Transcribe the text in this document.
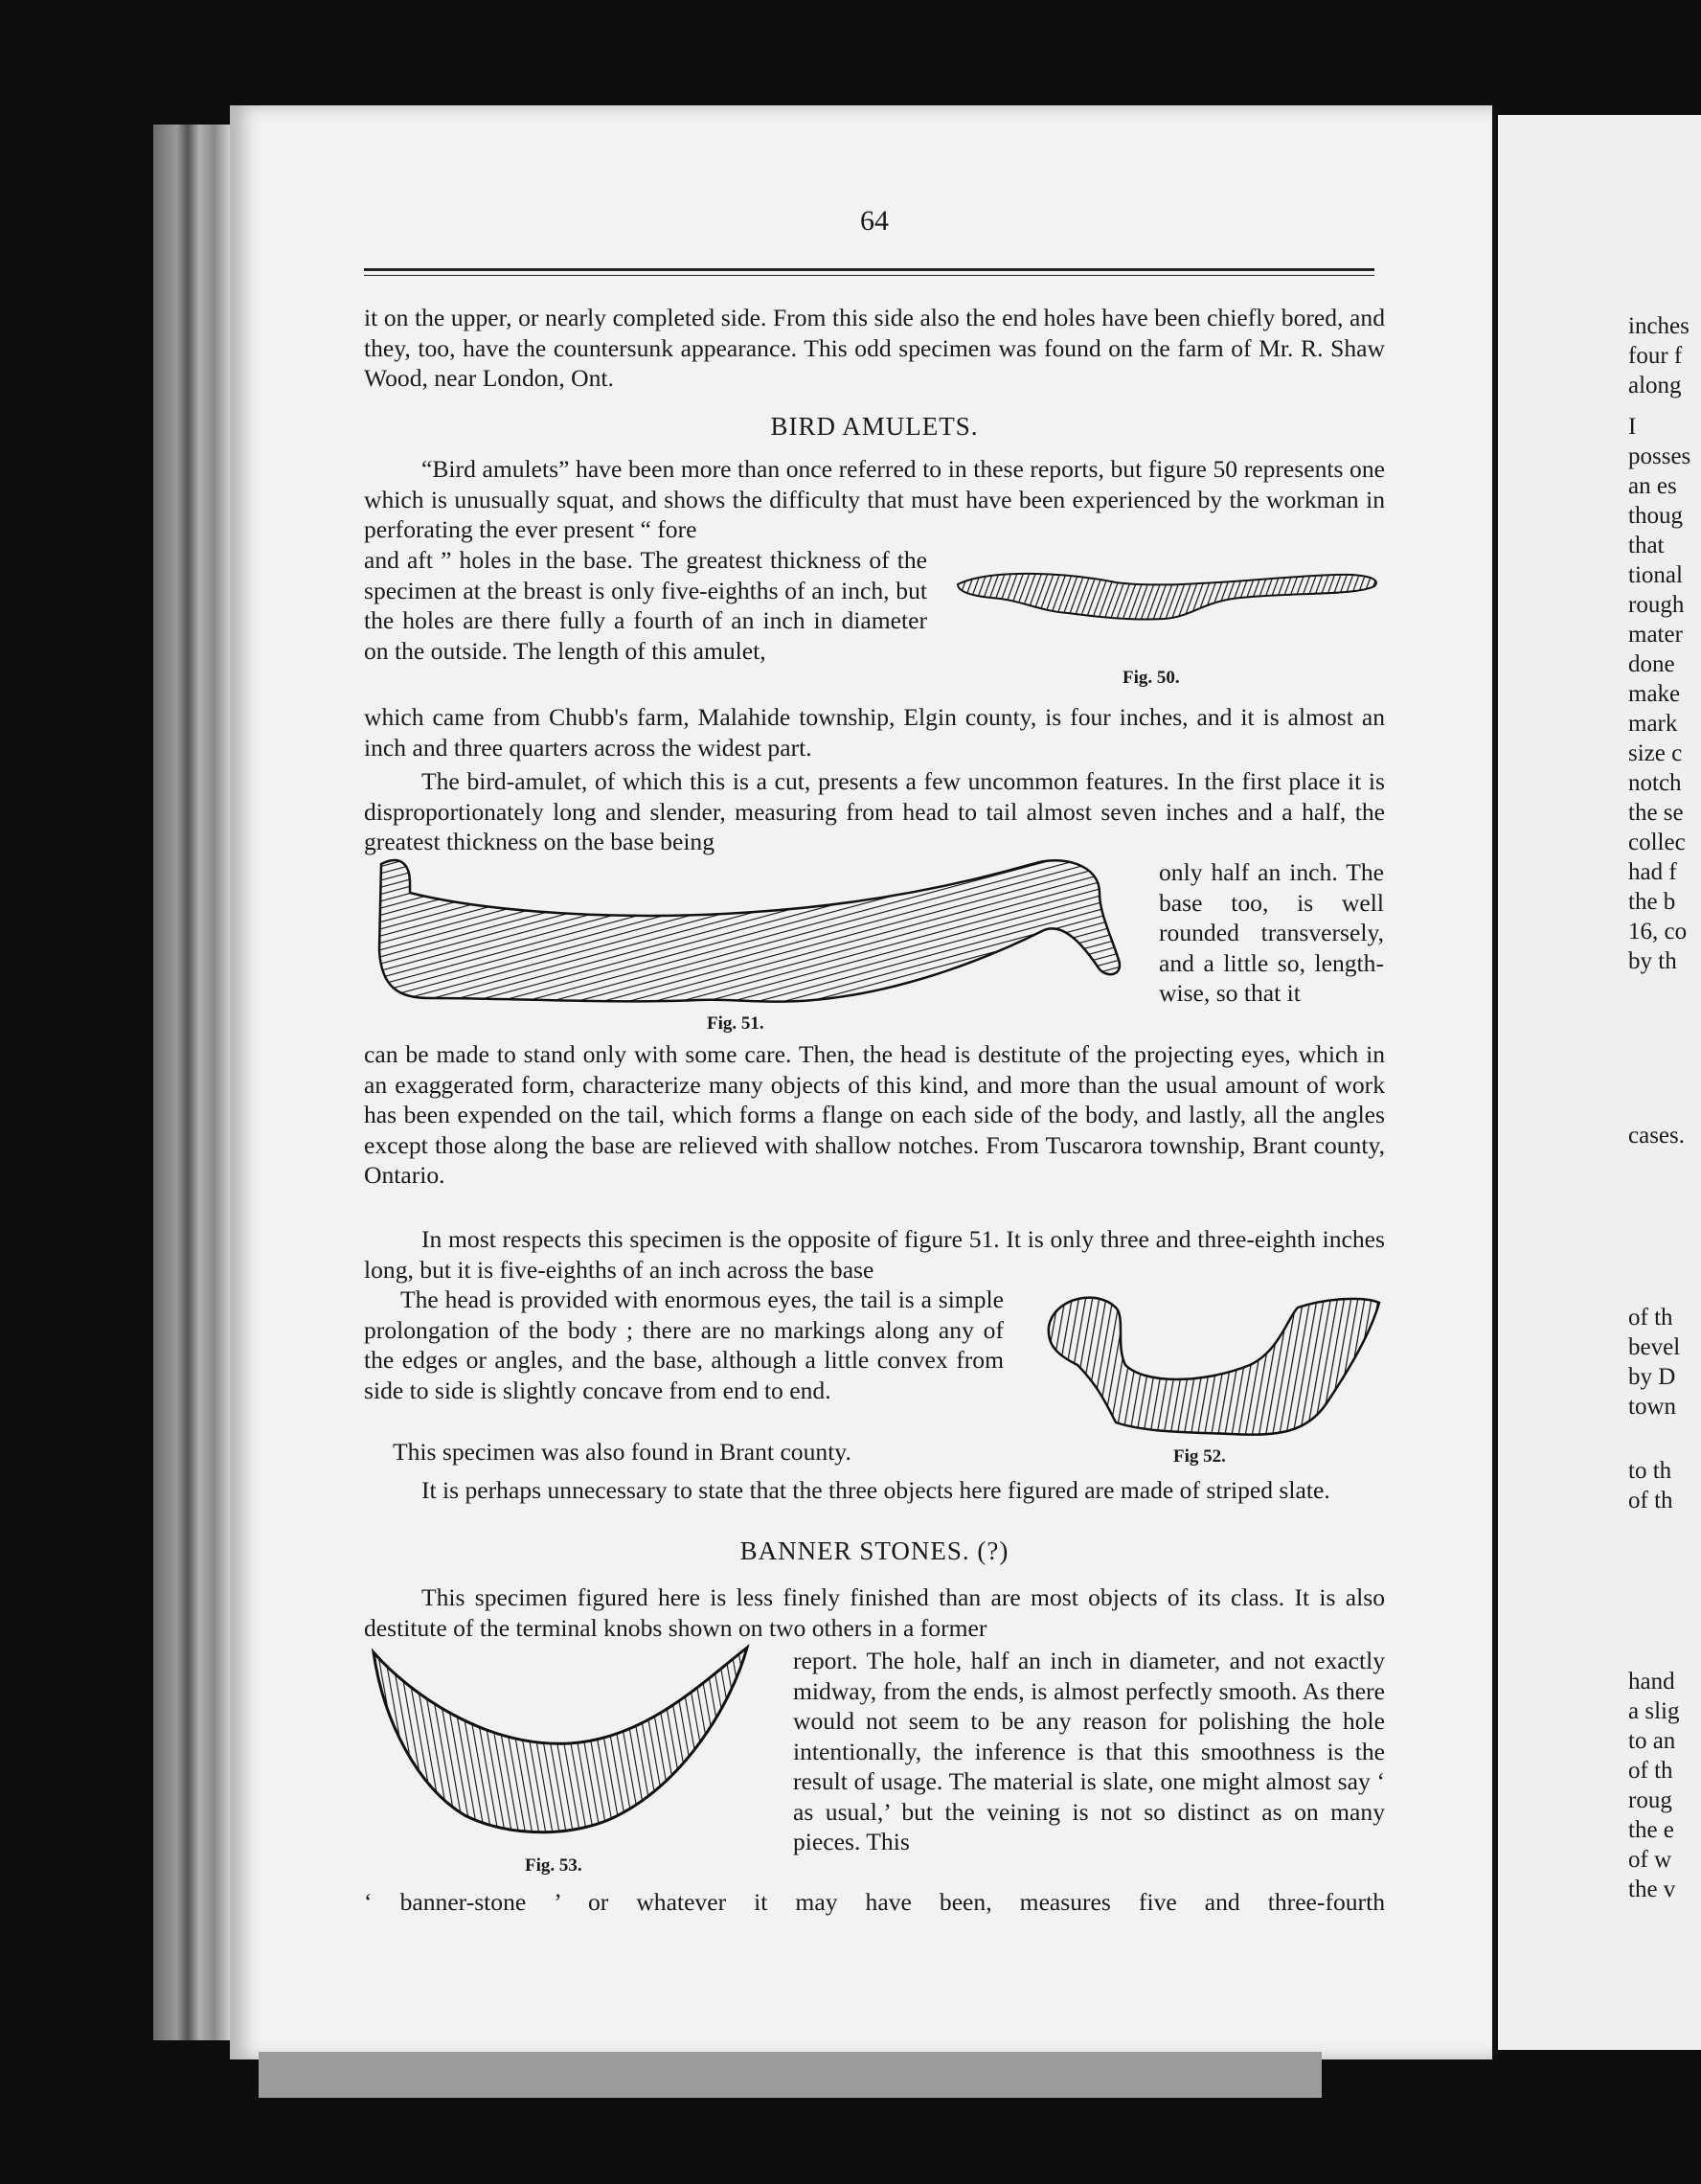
64

it on the upper, or nearly completed side. From this side also the end holes have been chiefly bored, and they, too, have the countersunk appearance. This odd specimen was found on the farm of Mr. R. Shaw Wood, near London, Ont.

BIRD AMULETS.

“Bird amulets” have been more than once referred to in these reports, but figure 50 represents one which is unusually squat, and shows the difficulty that must have been experienced by the workman in perforating the ever present “ fore

and aft ” holes in the base. The greatest thickness of the specimen at the breast is only five-eighths of an inch, but the holes are there fully a fourth of an inch in diameter on the outside. The length of this amulet,
Fig. 50.

which came from Chubb's farm, Malahide township, Elgin county, is four inches, and it is almost an inch and three quarters across the widest part.

The bird-amulet, of which this is a cut, presents a few uncommon features. In the first place it is disproportionately long and slender, measuring from head to tail almost seven inches and a half, the greatest thickness on the base being

only half an inch. The base too, is well rounded transversely, and a little so, length-wise, so that it
Fig. 51.

can be made to stand only with some care. Then, the head is destitute of the projecting eyes, which in an exaggerated form, characterize many objects of this kind, and more than the usual amount of work has been expended on the tail, which forms a flange on each side of the body, and lastly, all the angles except those along the base are relieved with shallow notches. From Tuscarora township, Brant county, Ontario.

In most respects this specimen is the opposite of figure 51. It is only three and three-eighth inches long, but it is five-eighths of an inch across the base

The head is provided with enormous eyes, the tail is a simple prolongation of the body ; there are no markings along any of the edges or angles, and the base, although a little convex from side to side is slightly concave from end to end.
Fig 52.
This specimen was also found in Brant county.

It is perhaps unnecessary to state that the three objects here figured are made of striped slate.

BANNER STONES. (?)

This specimen figured here is less finely finished than are most objects of its class. It is also destitute of the terminal knobs shown on two others in a former

Fig. 53.
report. The hole, half an inch in diameter, and not exactly midway, from the ends, is almost perfectly smooth. As there would not seem to be any reason for polishing the hole intentionally, the inference is that this smoothness is the result of usage. The material is slate, one might almost say ‘ as usual,’ but the veining is not so distinct as on many pieces. This
‘ banner-stone ’ or whatever it may have been, measures five and three-fourth
inches
four f
along
I
posses
an es
thoug
that
tional
rough
mater
done
make
mark
size c
notch
the se
collec
had f
the b
16, co
by th
cases.
of th
bevel
by D
town
to th
of th
hand
a slig
to an
of th
roug
the e
of w
the v
